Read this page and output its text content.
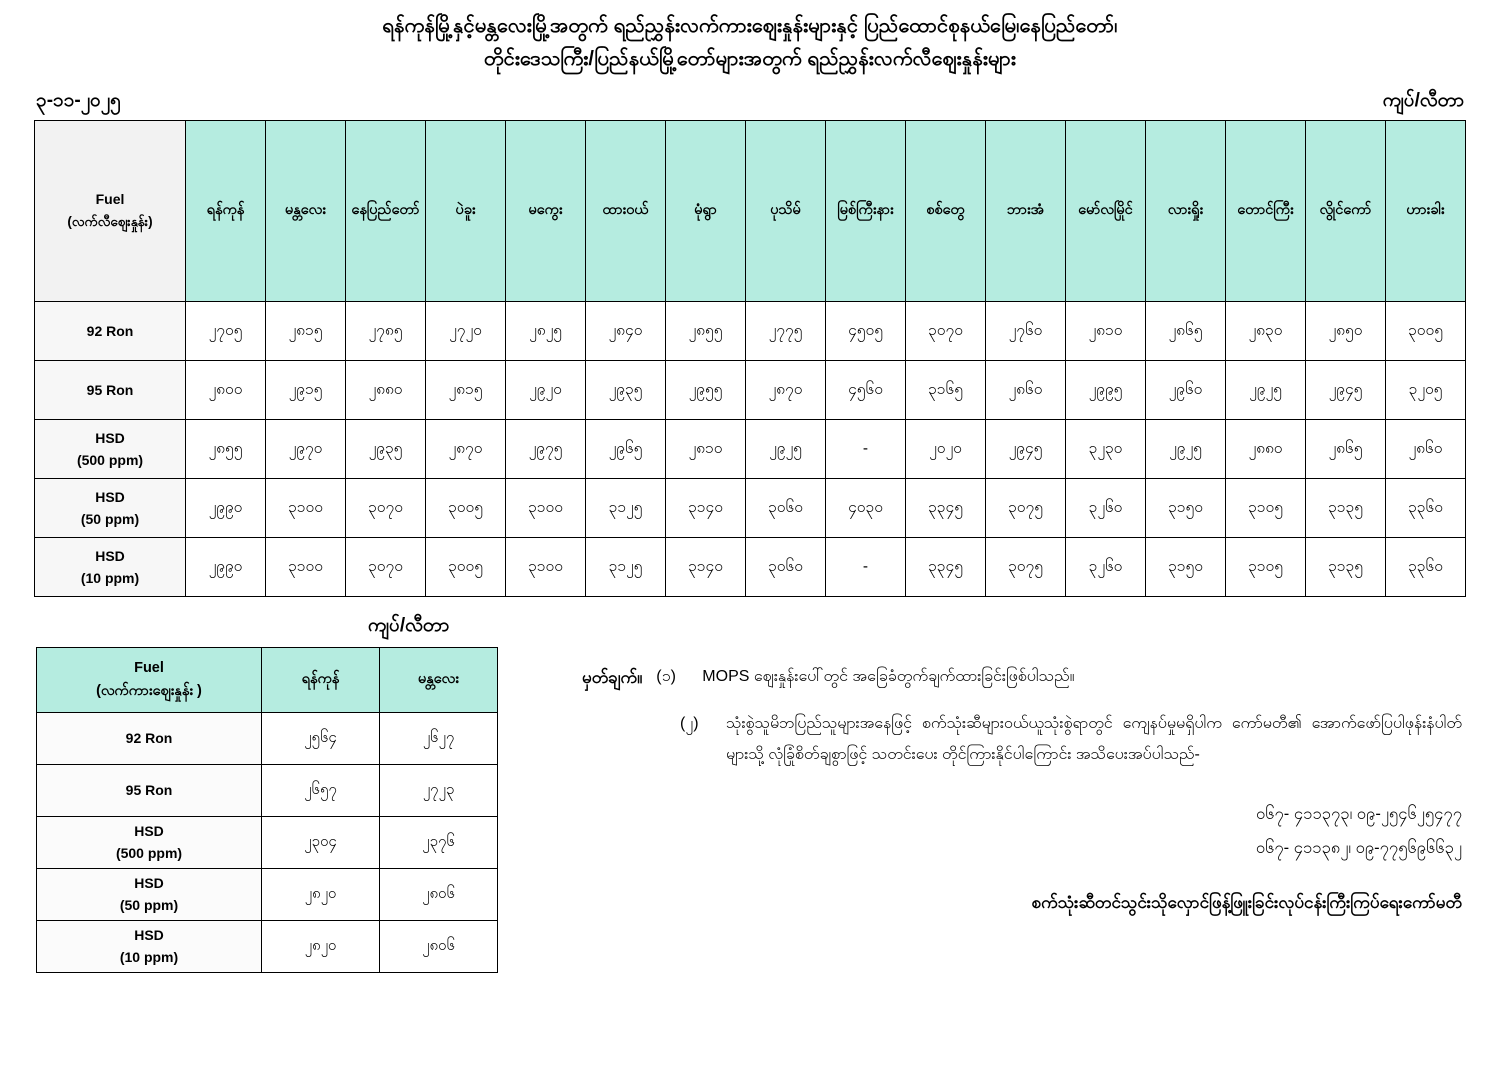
ရန်ကုန်မြို့နှင့်မန္တလေးမြို့အတွက် ရည်ညွှန်းလက်ကားဈေးနှုန်းများနှင့် ပြည်ထောင်စုနယ်မြေ၊နေပြည်တော်၊
တိုင်းဒေသကြီး/ပြည်နယ်မြို့တော်များအတွက် ရည်ညွှန်းလက်လီဈေးနှုန်းများ
၃-၁၁-၂၀၂၅	ကျပ်/လီတာ
Fuel
(လက်လီဈေးနှုန်း)	ရန်ကုန်	မန္တလေး	နေပြည်တော်	ပဲခူး	မကွေး	ထားဝယ်	မုံရွာ	ပုသိမ်	မြစ်ကြီးနား	စစ်တွေ	ဘားအံ	မော်လမြိုင်	လားရှိုး	တောင်ကြီး	လွိုင်ကော်	ဟားခါး

92 Ron	၂၇၀၅	၂၈၁၅	၂၇၈၅	၂၇၂၀	၂၈၂၅	၂၈၄၀	၂၈၅၅	၂၇၇၅	၄၅၀၅	၃၀၇၀	၂၇၆၀	၂၈၁၀	၂၈၆၅	၂၈၃၀	၂၈၅၀	၃၀၀၅

95 Ron	၂၈၀၀	၂၉၁၅	၂၈၈၀	၂၈၁၅	၂၉၂၀	၂၉၃၅	၂၉၅၅	၂၈၇၀	၄၅၆၀	၃၁၆၅	၂၈၆၀	၂၉၉၅	၂၉၆၀	၂၉၂၅	၂၉၄၅	၃၂၀၅

HSD
(500 ppm)	၂၈၅၅	၂၉၇၀	၂၉၃၅	၂၈၇၀	၂၉၇၅	၂၉၆၅	၂၈၁၀	၂၉၂၅	-	၂၀၂၀	၂၉၄၅	၃၂၃၀	၂၉၂၅	၂၈၈၀	၂၈၆၅	၂၈၆၀

HSD
(50 ppm)	၂၉၉၀	၃၁၀၀	၃၀၇၀	၃၀၀၅	၃၁၀၀	၃၁၂၅	၃၁၄၀	၃၀၆၀	၄၀၃၀	၃၃၄၅	၃၀၇၅	၃၂၆၀	၃၁၅၀	၃၁၀၅	၃၁၃၅	၃၃၆၀

HSD
(10 ppm)	၂၉၉၀	၃၁၀၀	၃၀၇၀	၃၀၀၅	၃၁၀၀	၃၁၂၅	၃၁၄၀	၃၀၆၀	-	၃၃၄၅	၃၀၇၅	၃၂၆၀	၃၁၅၀	၃၁၀၅	၃၁၃၅	၃၃၆၀
ကျပ်/လီတာ
Fuel
(လက်ကားဈေးနှုန်း )	ရန်ကုန်	မန္တလေး

92 Ron	၂၅၆၄	၂၆၂၇

95 Ron	၂၆၅၇	၂၇၂၃

HSD
(500 ppm)	၂၃၀၄	၂၃၇၆

HSD
(50 ppm)	၂၈၂၀	၂၈၀၆

HSD
(10 ppm)	၂၈၂၀	၂၈၀၆
မှတ်ချက်။ (၁)	MOPS ဈေးနှုန်းပေါ်တွင် အခြေခံတွက်ချက်ထားခြင်းဖြစ်ပါသည်။
(၂)	သုံးစွဲသူမိဘပြည်သူများအနေဖြင့် စက်သုံးဆီများဝယ်ယူသုံးစွဲရာတွင် ကျေနပ်မှုမရှိပါက ကော်မတီ၏ အောက်ဖော်ပြပါဖုန်းနံပါတ်များသို့ လုံခြုံစိတ်ချစွာဖြင့် သတင်းပေး တိုင်ကြားနိုင်ပါကြောင်း အသိပေးအပ်ပါသည်-
၀၆၇- ၄၁၁၃၇၃၊ ၀၉-၂၅၄၆၂၅၄၇၇
၀၆၇- ၄၁၁၃၈၂၊ ၀၉-၇၇၅၆၉၆၆၃၂
စက်သုံးဆီတင်သွင်းသိုလှောင်ဖြန့်ဖြူးခြင်းလုပ်ငန်းကြီးကြပ်ရေးကော်မတီ
